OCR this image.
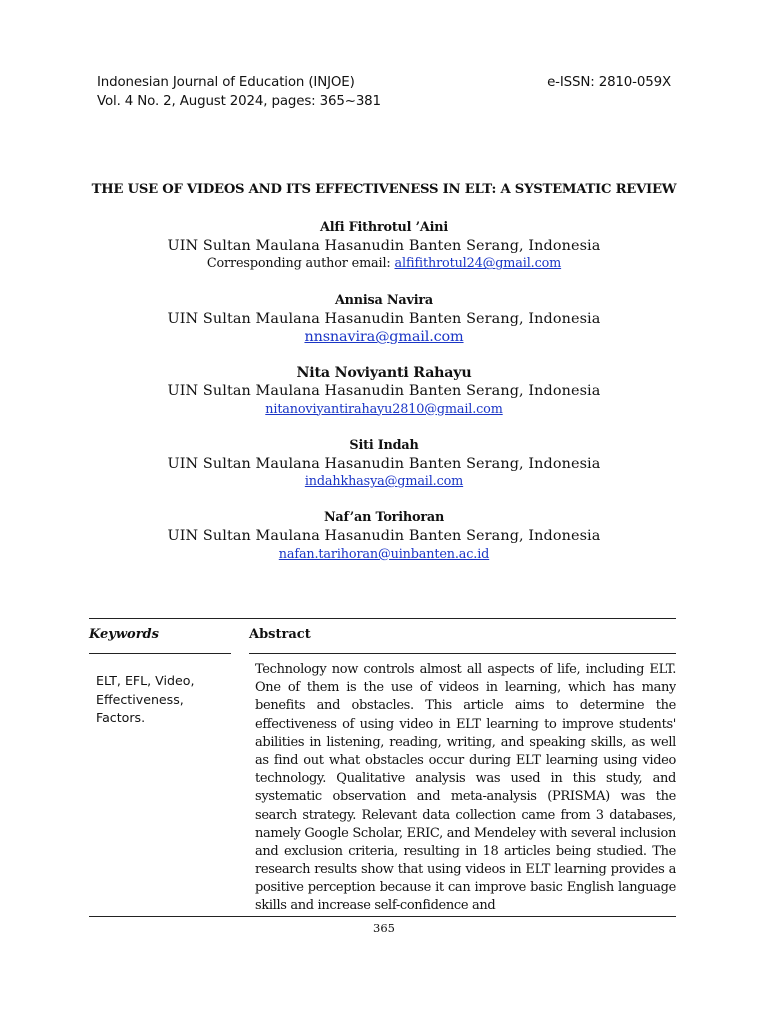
Indonesian Journal of Education (INJOE)
Vol. 4 No. 2, August 2024, pages: 365~381
e-ISSN: 2810-059X
THE USE OF VIDEOS AND ITS EFFECTIVENESS IN ELT: A SYSTEMATIC REVIEW
Alfi Fithrotul ’Aini
UIN Sultan Maulana Hasanudin Banten Serang, Indonesia
Corresponding author email: alfifithrotul24@gmail.com
Annisa Navira
UIN Sultan Maulana Hasanudin Banten Serang, Indonesia
nnsnavira@gmail.com
Nita Noviyanti Rahayu
UIN Sultan Maulana Hasanudin Banten Serang, Indonesia
nitanoviyantirahayu2810@gmail.com
Siti Indah
UIN Sultan Maulana Hasanudin Banten Serang, Indonesia
indahkhasya@gmail.com
Naf’an Torihoran
UIN Sultan Maulana Hasanudin Banten Serang, Indonesia
nafan.tarihoran@uinbanten.ac.id
Keywords	Abstract
ELT, EFL, Video,
Effectiveness,
Factors.
Technology now controls almost all aspects of life, including ELT. One of them is the use of videos in learning, which has many benefits and obstacles. This article aims to determine the effectiveness of using video in ELT learning to improve students' abilities in listening, reading, writing, and speaking skills, as well as find out what obstacles occur during ELT learning using video technology. Qualitative analysis was used in this study, and systematic observation and meta-analysis (PRISMA) was the search strategy. Relevant data collection came from 3 databases, namely Google Scholar, ERIC, and Mendeley with several inclusion and exclusion criteria, resulting in 18 articles being studied. The research results show that using videos in ELT learning provides a positive perception because it can improve basic English language skills and increase self-confidence and
365
